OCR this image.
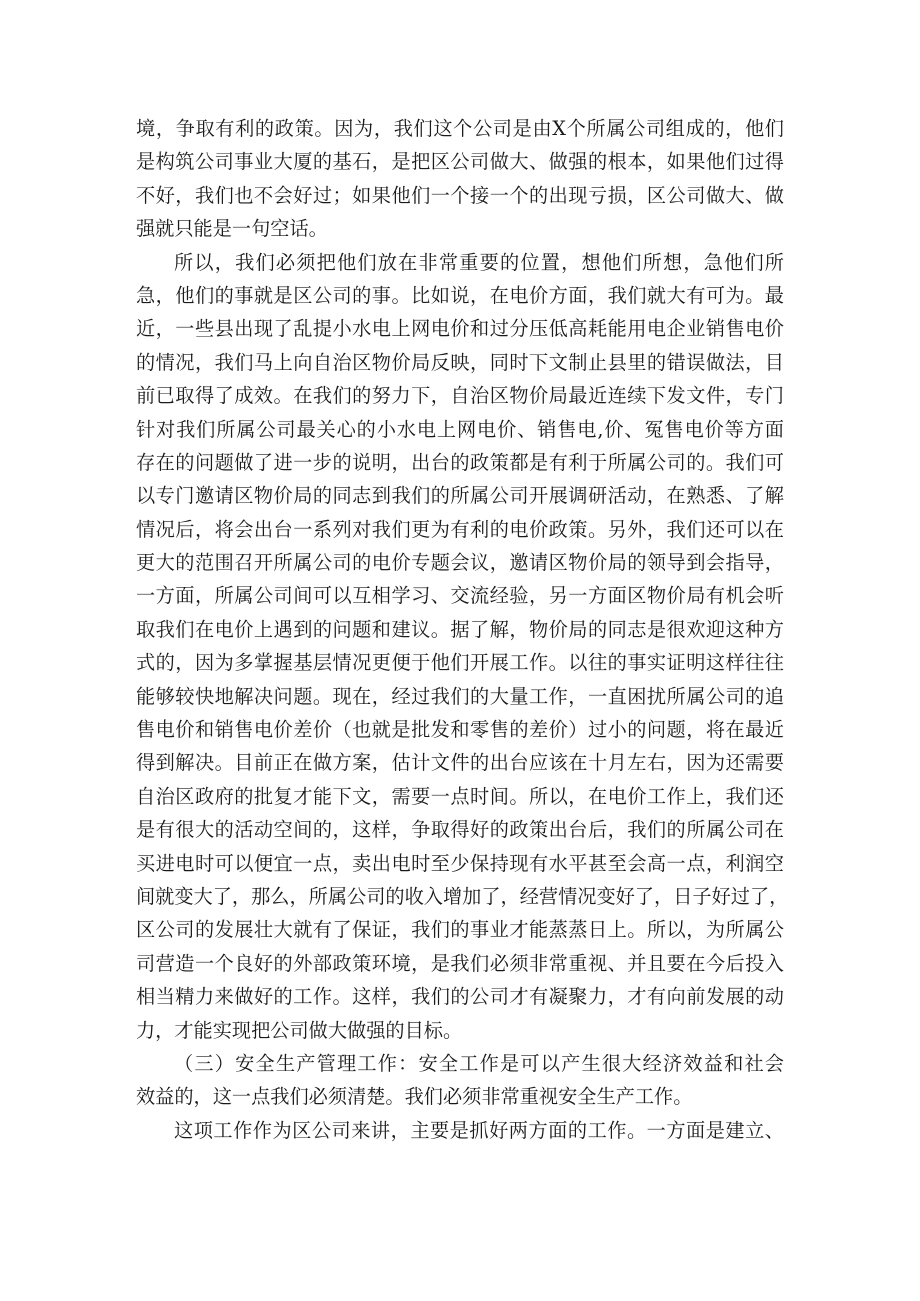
境，争取有利的政策。因为，我们这个公司是由X个所属公司组成的，他们
是构筑公司事业大厦的基石，是把区公司做大、做强的根本，如果他们过得
不好，我们也不会好过；如果他们一个接一个的出现亏损，区公司做大、做
强就只能是一句空话。
所以，我们必须把他们放在非常重要的位置，想他们所想，急他们所
急，他们的事就是区公司的事。比如说，在电价方面，我们就大有可为。最
近，一些县出现了乱提小水电上网电价和过分压低高耗能用电企业销售电价
的情况，我们马上向自治区物价局反映，同时下文制止县里的错误做法，目
前已取得了成效。在我们的努力下，自治区物价局最近连续下发文件，专门
针对我们所属公司最关心的小水电上网电价、销售电,价、冤售电价等方面
存在的问题做了进一步的说明，出台的政策都是有利于所属公司的。我们可
以专门邀请区物价局的同志到我们的所属公司开展调研活动，在熟悉、了解
情况后，将会出台一系列对我们更为有利的电价政策。另外，我们还可以在
更大的范围召开所属公司的电价专题会议，邀请区物价局的领导到会指导，
一方面，所属公司间可以互相学习、交流经验，另一方面区物价局有机会听
取我们在电价上遇到的问题和建议。据了解，物价局的同志是很欢迎这种方
式的，因为多掌握基层情况更便于他们开展工作。以往的事实证明这样往往
能够较快地解决问题。现在，经过我们的大量工作，一直困扰所属公司的追
售电价和销售电价差价（也就是批发和零售的差价）过小的问题，将在最近
得到解决。目前正在做方案，估计文件的出台应该在十月左右，因为还需要
自治区政府的批复才能下文，需要一点时间。所以，在电价工作上，我们还
是有很大的活动空间的，这样，争取得好的政策出台后，我们的所属公司在
买进电时可以便宜一点，卖出电时至少保持现有水平甚至会高一点，利润空
间就变大了，那么，所属公司的收入增加了，经营情况变好了，日子好过了，
区公司的发展壮大就有了保证，我们的事业才能蒸蒸日上。所以，为所属公
司营造一个良好的外部政策环境，是我们必须非常重视、并且要在今后投入
相当精力来做好的工作。这样，我们的公司才有凝聚力，才有向前发展的动
力，才能实现把公司做大做强的目标。
（三）安全生产管理工作：安全工作是可以产生很大经济效益和社会
效益的，这一点我们必须清楚。我们必须非常重视安全生产工作。
这项工作作为区公司来讲，主要是抓好两方面的工作。一方面是建立、
